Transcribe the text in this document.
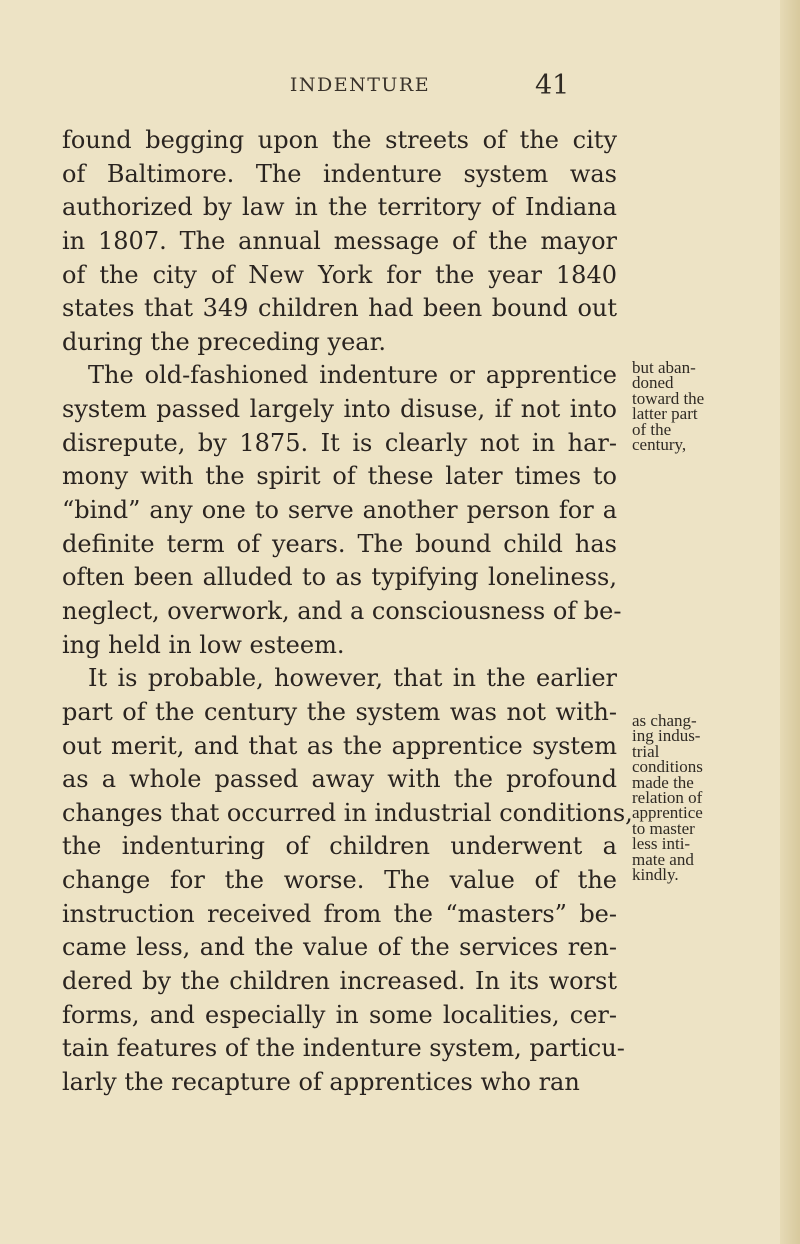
INDENTURE	41
found begging upon the streets of the city
of Baltimore. The indenture system was
authorized by law in the territory of Indiana
in 1807. The annual message of the mayor
of the city of New York for the year 1840
states that 349 children had been bound out
during the preceding year.
The old-fashioned indenture or apprentice
system passed largely into disuse, if not into
disrepute, by 1875. It is clearly not in har-
mony with the spirit of these later times to
“bind” any one to serve another person for a
definite term of years. The bound child has
often been alluded to as typifying loneliness,
neglect, overwork, and a consciousness of be-
ing held in low esteem.
It is probable, however, that in the earlier
part of the century the system was not with-
out merit, and that as the apprentice system
as a whole passed away with the profound
changes that occurred in industrial conditions,
the indenturing of children underwent a
change for the worse. The value of the
instruction received from the “masters” be-
came less, and the value of the services ren-
dered by the children increased. In its worst
forms, and especially in some localities, cer-
tain features of the indenture system, particu-
larly the recapture of apprentices who ran
but aban-
doned
toward the
latter part
of the
century,
as chang-
ing indus-
trial
conditions
made the
relation of
apprentice
to master
less inti-
mate and
kindly.
